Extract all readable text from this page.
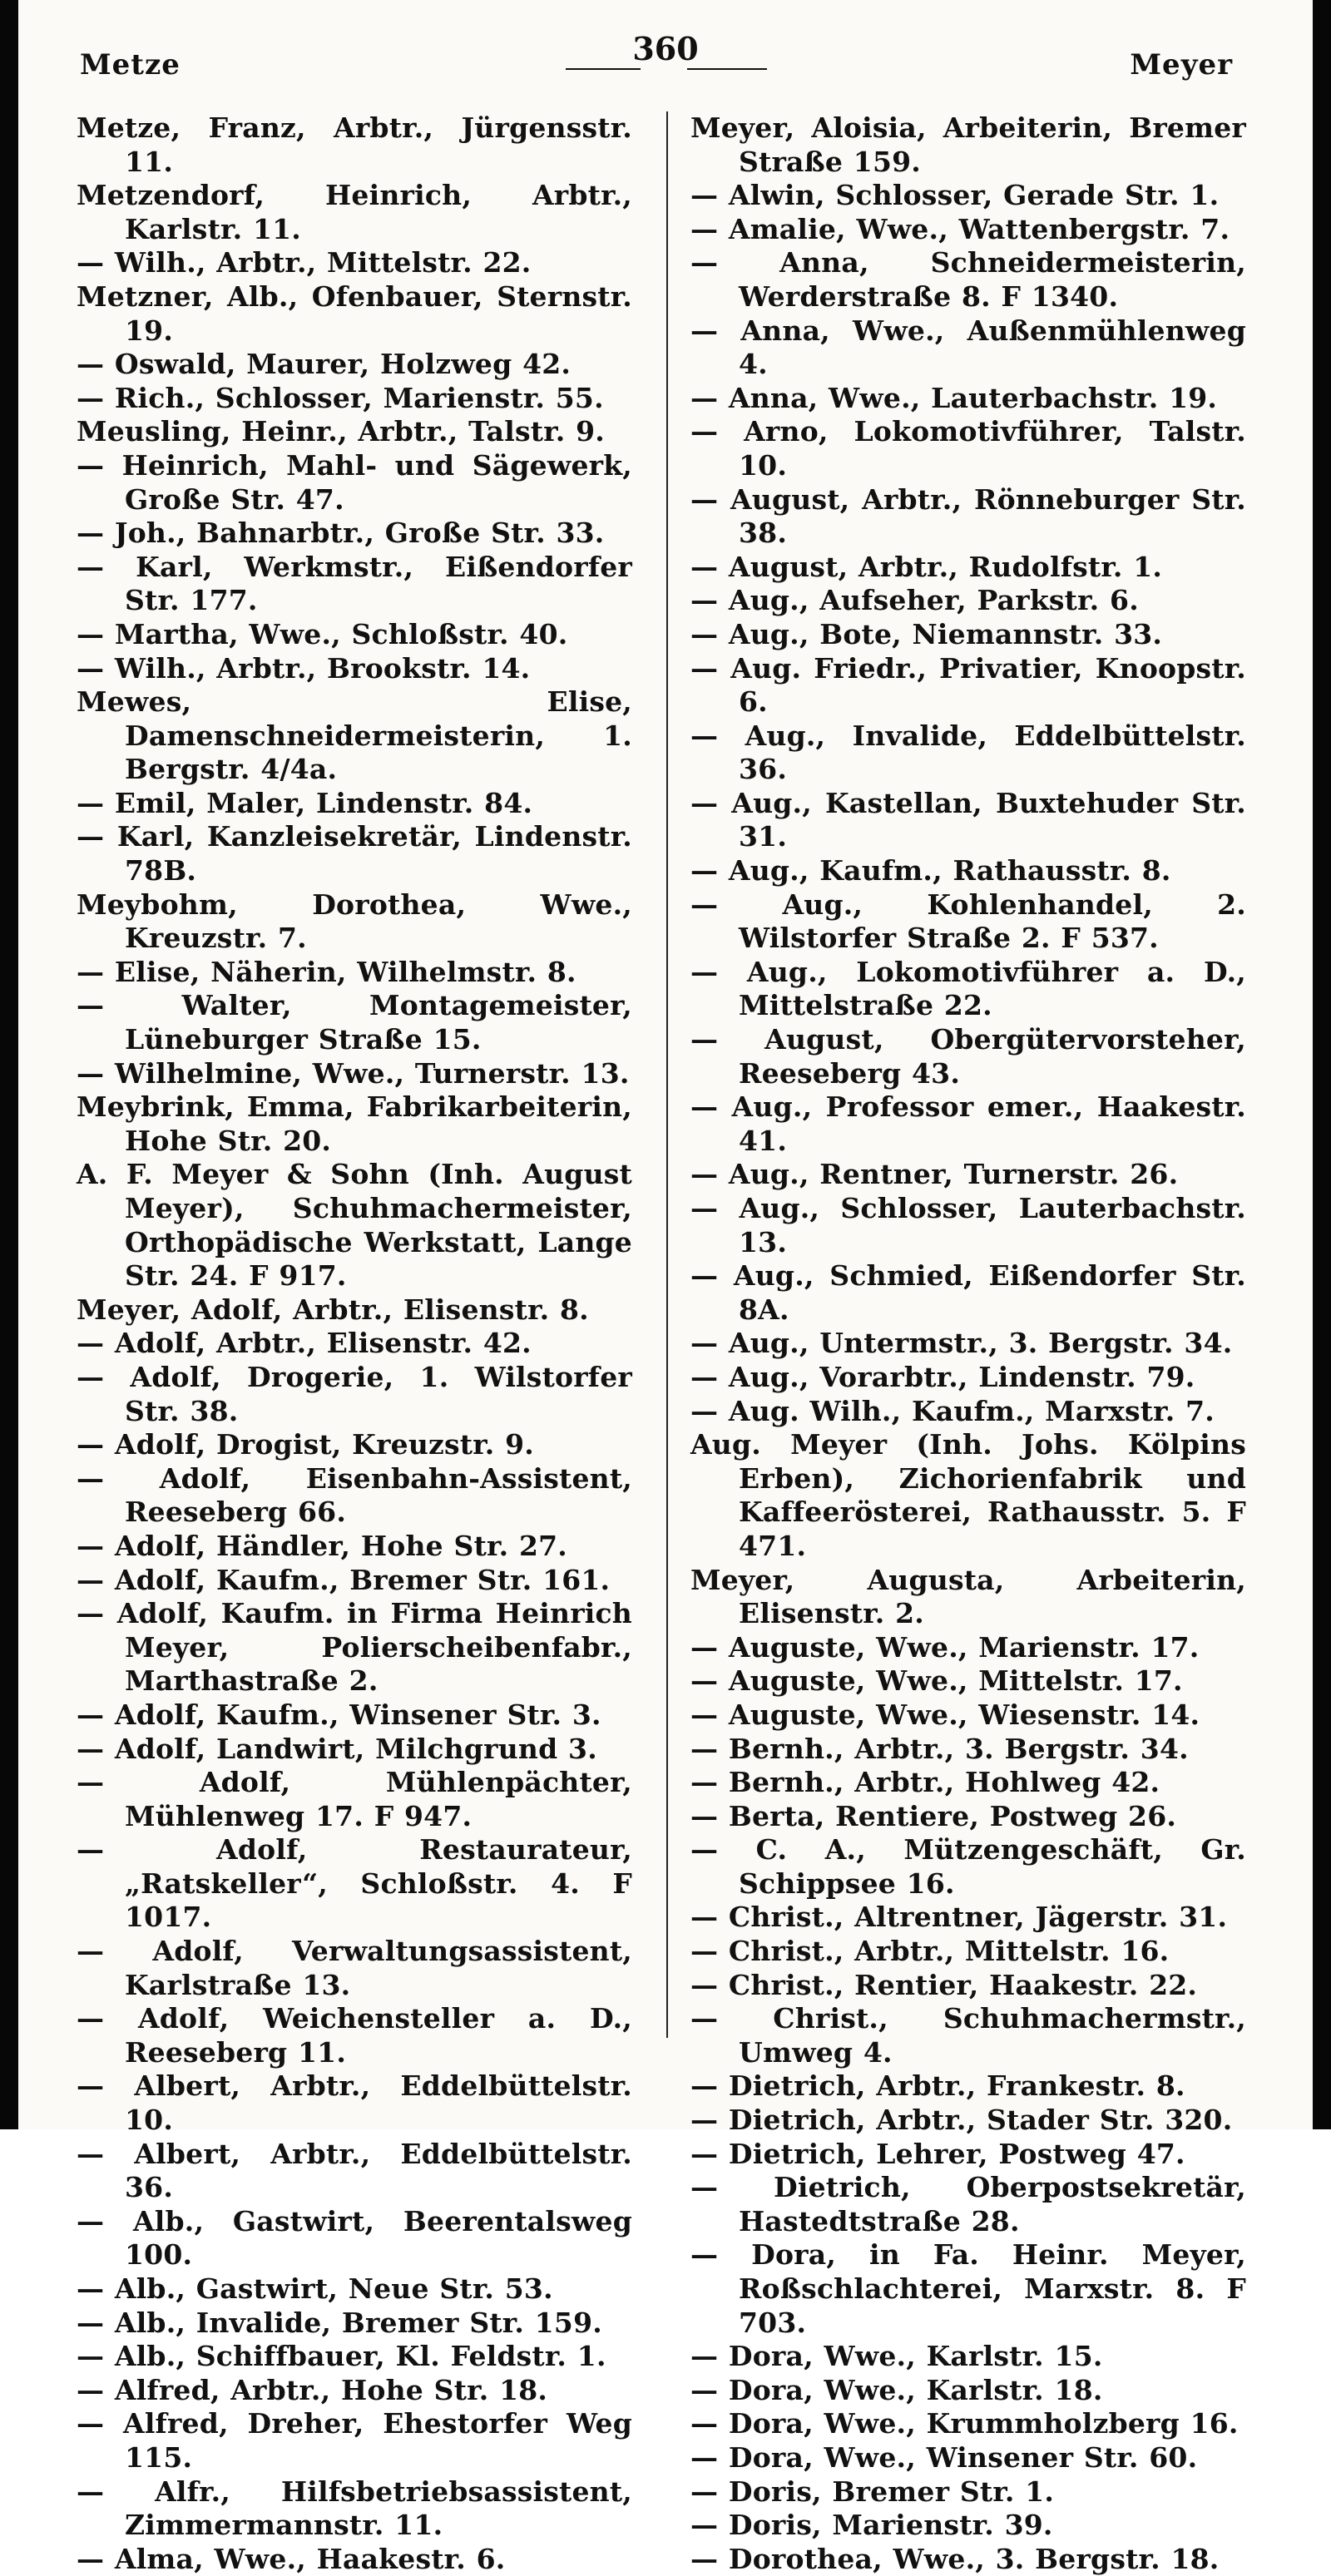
Metze	360	Meyer
Metze, Franz, Arbtr., Jürgensstr. 11.
Metzendorf, Heinrich, Arbtr., Karlstr. 11.
— Wilh., Arbtr., Mittelstr. 22.
Metzner, Alb., Ofenbauer, Sternstr. 19.
— Oswald, Maurer, Holzweg 42.
— Rich., Schlosser, Marienstr. 55.
Meusling, Heinr., Arbtr., Talstr. 9.
— Heinrich, Mahl- und Sägewerk, Große Str. 47.
— Joh., Bahnarbtr., Große Str. 33.
— Karl, Werkmstr., Eißendorfer Str. 177.
— Martha, Wwe., Schloßstr. 40.
— Wilh., Arbtr., Brookstr. 14.
Mewes, Elise, Damenschneidermeisterin, 1. Bergstr. 4/4a.
— Emil, Maler, Lindenstr. 84.
— Karl, Kanzleisekretär, Lindenstr. 78B.
Meybohm, Dorothea, Wwe., Kreuzstr. 7.
— Elise, Näherin, Wilhelmstr. 8.
— Walter, Montagemeister, Lüneburger Straße 15.
— Wilhelmine, Wwe., Turnerstr. 13.
Meybrink, Emma, Fabrikarbeiterin, Hohe Str. 20.
A. F. Meyer & Sohn (Inh. August Meyer), Schuhmachermeister, Orthopädische Werkstatt, Lange Str. 24. F 917.
Meyer, Adolf, Arbtr., Elisenstr. 8.
— Adolf, Arbtr., Elisenstr. 42.
— Adolf, Drogerie, 1. Wilstorfer Str. 38.
— Adolf, Drogist, Kreuzstr. 9.
— Adolf, Eisenbahn-Assistent, Reeseberg 66.
— Adolf, Händler, Hohe Str. 27.
— Adolf, Kaufm., Bremer Str. 161.
— Adolf, Kaufm. in Firma Heinrich Meyer, Polierscheibenfabr., Marthastraße 2.
— Adolf, Kaufm., Winsener Str. 3.
— Adolf, Landwirt, Milchgrund 3.
— Adolf, Mühlenpächter, Mühlenweg 17. F 947.
— Adolf, Restaurateur, „Ratskeller“, Schloßstr. 4. F 1017.
— Adolf, Verwaltungsassistent, Karlstraße 13.
— Adolf, Weichensteller a. D., Reeseberg 11.
— Albert, Arbtr., Eddelbüttelstr. 10.
— Albert, Arbtr., Eddelbüttelstr. 36.
— Alb., Gastwirt, Beerentalsweg 100.
— Alb., Gastwirt, Neue Str. 53.
— Alb., Invalide, Bremer Str. 159.
— Alb., Schiffbauer, Kl. Feldstr. 1.
— Alfred, Arbtr., Hohe Str. 18.
— Alfred, Dreher, Ehestorfer Weg 115.
— Alfr., Hilfsbetriebsassistent, Zimmermannstr. 11.
— Alma, Wwe., Haakestr. 6.
Meyer, Aloisia, Arbeiterin, Bremer Straße 159.
— Alwin, Schlosser, Gerade Str. 1.
— Amalie, Wwe., Wattenbergstr. 7.
— Anna, Schneidermeisterin, Werderstraße 8. F 1340.
— Anna, Wwe., Außenmühlenweg 4.
— Anna, Wwe., Lauterbachstr. 19.
— Arno, Lokomotivführer, Talstr. 10.
— August, Arbtr., Rönneburger Str. 38.
— August, Arbtr., Rudolfstr. 1.
— Aug., Aufseher, Parkstr. 6.
— Aug., Bote, Niemannstr. 33.
— Aug. Friedr., Privatier, Knoopstr. 6.
— Aug., Invalide, Eddelbüttelstr. 36.
— Aug., Kastellan, Buxtehuder Str. 31.
— Aug., Kaufm., Rathausstr. 8.
— Aug., Kohlenhandel, 2. Wilstorfer Straße 2. F 537.
— Aug., Lokomotivführer a. D., Mittelstraße 22.
— August, Obergütervorsteher, Reeseberg 43.
— Aug., Professor emer., Haakestr. 41.
— Aug., Rentner, Turnerstr. 26.
— Aug., Schlosser, Lauterbachstr. 13.
— Aug., Schmied, Eißendorfer Str. 8A.
— Aug., Untermstr., 3. Bergstr. 34.
— Aug., Vorarbtr., Lindenstr. 79.
— Aug. Wilh., Kaufm., Marxstr. 7.
Aug. Meyer (Inh. Johs. Kölpins Erben), Zichorienfabrik und Kaffeerösterei, Rathausstr. 5. F 471.
Meyer, Augusta, Arbeiterin, Elisenstr. 2.
— Auguste, Wwe., Marienstr. 17.
— Auguste, Wwe., Mittelstr. 17.
— Auguste, Wwe., Wiesenstr. 14.
— Bernh., Arbtr., 3. Bergstr. 34.
— Bernh., Arbtr., Hohlweg 42.
— Berta, Rentiere, Postweg 26.
— C. A., Mützengeschäft, Gr. Schippsee 16.
— Christ., Altrentner, Jägerstr. 31.
— Christ., Arbtr., Mittelstr. 16.
— Christ., Rentier, Haakestr. 22.
— Christ., Schuhmachermstr., Umweg 4.
— Dietrich, Arbtr., Frankestr. 8.
— Dietrich, Arbtr., Stader Str. 320.
— Dietrich, Lehrer, Postweg 47.
— Dietrich, Oberpostsekretär, Hastedtstraße 28.
— Dora, in Fa. Heinr. Meyer, Roßschlachterei, Marxstr. 8. F 703.
— Dora, Wwe., Karlstr. 15.
— Dora, Wwe., Karlstr. 18.
— Dora, Wwe., Krummholzberg 16.
— Dora, Wwe., Winsener Str. 60.
— Doris, Bremer Str. 1.
— Doris, Marienstr. 39.
— Dorothea, Wwe., 3. Bergstr. 18.
